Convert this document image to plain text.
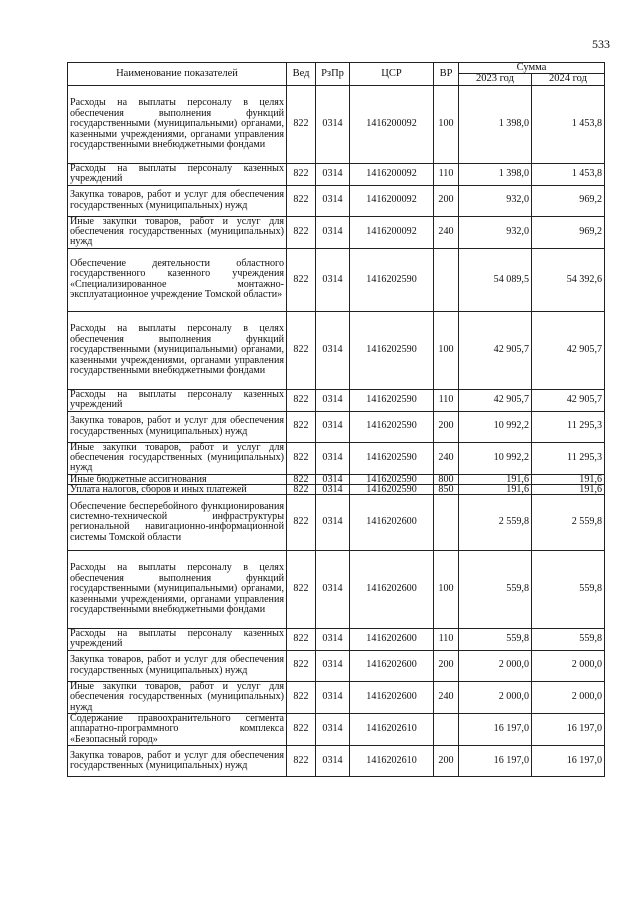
533
Наименование показателей	Вед	РзПр	ЦСР	ВР	Сумма	
					2023 год	2024 год
Расходы на выплаты персоналу в целях обеспечения выполнения функций государственными (муниципальными) органами, казенными учреждениями, органами управления государственными внебюджетными фондами	822	0314	1416200092	100	1 398,0	1 453,8
Расходы на выплаты персоналу казенных учреждений	822	0314	1416200092	110	1 398,0	1 453,8
Закупка товаров, работ и услуг для обеспечения государственных (муниципальных) нужд	822	0314	1416200092	200	932,0	969,2
Иные закупки товаров, работ и услуг для обеспечения государственных (муниципальных) нужд	822	0314	1416200092	240	932,0	969,2
Обеспечение деятельности областного государственного казенного учреждения «Специализированное монтажно-эксплуатационное учреждение Томской области»	822	0314	1416202590		54 089,5	54 392,6
Расходы на выплаты персоналу в целях обеспечения выполнения функций государственными (муниципальными) органами, казенными учреждениями, органами управления государственными внебюджетными фондами	822	0314	1416202590	100	42 905,7	42 905,7
Расходы на выплаты персоналу казенных учреждений	822	0314	1416202590	110	42 905,7	42 905,7
Закупка товаров, работ и услуг для обеспечения государственных (муниципальных) нужд	822	0314	1416202590	200	10 992,2	11 295,3
Иные закупки товаров, работ и услуг для обеспечения государственных (муниципальных) нужд	822	0314	1416202590	240	10 992,2	11 295,3
Иные бюджетные ассигнования	822	0314	1416202590	800	191,6	191,6
Уплата налогов, сборов и иных платежей	822	0314	1416202590	850	191,6	191,6
Обеспечение бесперебойного функционирования системно-технической инфраструктуры региональной навигационно-информационной системы Томской области	822	0314	1416202600		2 559,8	2 559,8
Расходы на выплаты персоналу в целях обеспечения выполнения функций государственными (муниципальными) органами, казенными учреждениями, органами управления государственными внебюджетными фондами	822	0314	1416202600	100	559,8	559,8
Расходы на выплаты персоналу казенных учреждений	822	0314	1416202600	110	559,8	559,8
Закупка товаров, работ и услуг для обеспечения государственных (муниципальных) нужд	822	0314	1416202600	200	2 000,0	2 000,0
Иные закупки товаров, работ и услуг для обеспечения государственных (муниципальных) нужд	822	0314	1416202600	240	2 000,0	2 000,0
Содержание правоохранительного сегмента аппаратно-программного комплекса «Безопасный город»	822	0314	1416202610		16 197,0	16 197,0
Закупка товаров, работ и услуг для обеспечения государственных (муниципальных) нужд	822	0314	1416202610	200	16 197,0	16 197,0
